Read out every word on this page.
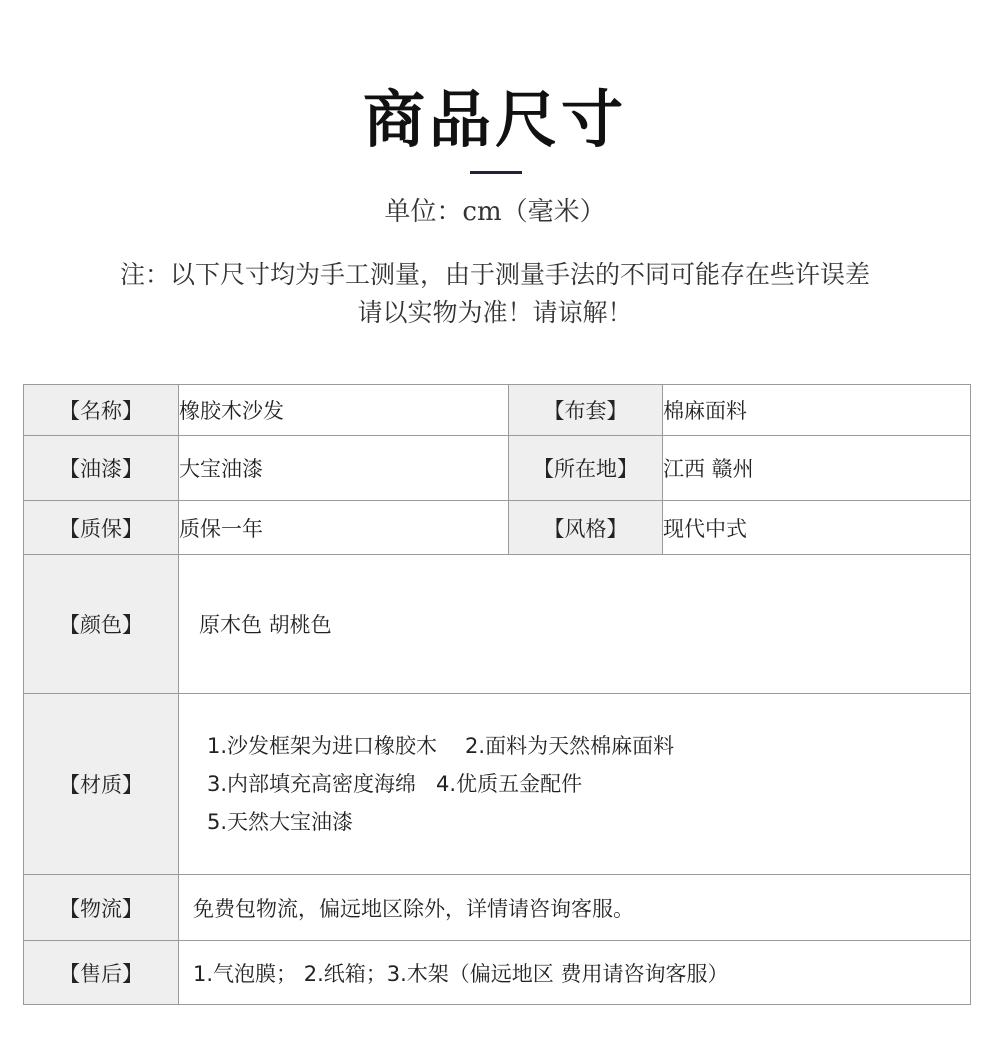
商品尺寸
单位：cm（毫米）
注：以下尺寸均为手工测量，由于测量手法的不同可能存在些许误差
请以实物为准！请谅解！
【名称】	橡胶木沙发	【布套】	棉麻面料
【油漆】	大宝油漆	【所在地】	江西 赣州
【质保】	质保一年	【风格】	现代中式
【颜色】	原木色 胡桃色		
【材质】	1.沙发框架为进口橡胶木 2.面料为天然棉麻面料
3.内部填充高密度海绵 4.优质五金配件
5.天然大宝油漆		

【物流】	免费包物流，偏远地区除外，详情请咨询客服。		
【售后】	1.气泡膜； 2.纸箱；3.木架（偏远地区 费用请咨询客服）		
